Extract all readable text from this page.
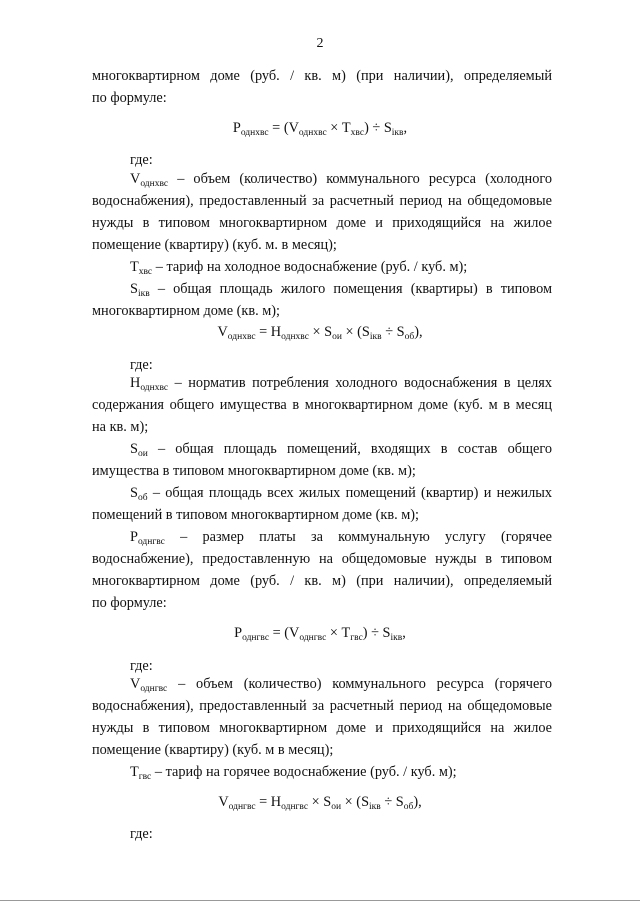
2
многоквартирном доме (руб. / кв. м) (при наличии), определяемый
по формуле:
$Р_{однхвс} = (V_{однхвс} \times Т_{хвс}) \div S_{iкв}$,
где:
$V_{однхвс}$ – объем (количество) коммунального ресурса (холодного
водоснабжения), предоставленный за расчетный период на общедомовые
нужды в типовом многоквартирном доме и приходящийся на жилое
помещение (квартиру) (куб. м. в месяц);
$Т_{хвс}$ – тариф на холодное водоснабжение (руб. / куб. м);
$S_{iкв}$ – общая площадь жилого помещения (квартиры) в типовом
многоквартирном доме (кв. м);
$V_{однхвс} = Н_{однхвс} \times S_{ои} \times (S_{iкв} \div S_{об})$,
где:
$Н_{однхвс}$ – норматив потребления холодного водоснабжения в целях
содержания общего имущества в многоквартирном доме (куб. м в месяц
на кв. м);
$S_{ои}$ – общая площадь помещений, входящих в состав общего
имущества в типовом многоквартирном доме (кв. м);
$S_{об}$ – общая площадь всех жилых помещений (квартир) и нежилых
помещений в типовом многоквартирном доме (кв. м);
$Р_{однгвс}$ – размер платы за коммунальную услугу (горячее
водоснабжение), предоставленную на общедомовые нужды в типовом
многоквартирном доме (руб. / кв. м) (при наличии), определяемый
по формуле:
$Р_{однгвс} = (V_{однгвс} \times Т_{гвс}) \div S_{iкв}$,
где:
$V_{однгвс}$ – объем (количество) коммунального ресурса (горячего
водоснабжения), предоставленный за расчетный период на общедомовые
нужды в типовом многоквартирном доме и приходящийся на жилое
помещение (квартиру) (куб. м в месяц);
$Т_{гвс}$ – тариф на горячее водоснабжение (руб. / куб. м);
$V_{однгвс} = Н_{однгвс} \times S_{ои} \times (S_{iкв} \div S_{об})$,
где:
